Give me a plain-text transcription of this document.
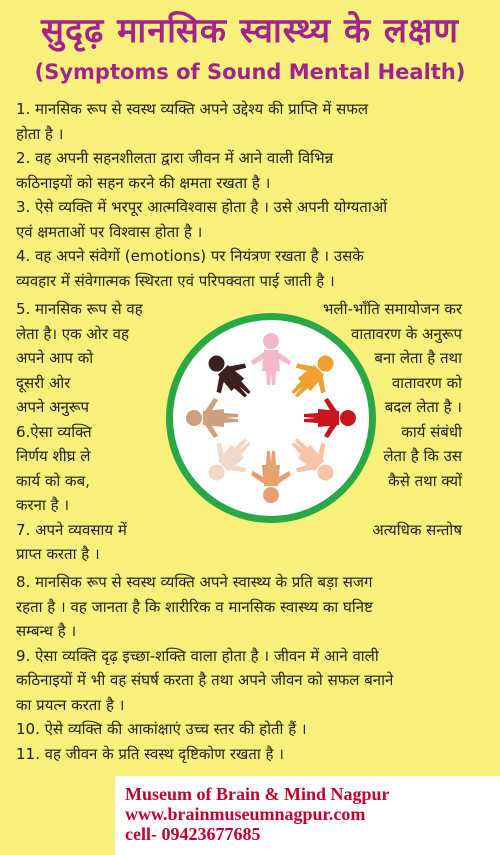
सुदृढ़ मानसिक स्वास्थ्य के लक्षण
(Symptoms of Sound Mental Health)
1. मानसिक रूप से स्वस्थ व्यक्ति अपने उद्देश्य की प्राप्ति में सफल
होता है ।
2. वह अपनी सहनशीलता द्वारा जीवन में आने वाली विभिन्न
कठिनाइयों को सहन करने की क्षमता रखता है ।
3. ऐसे व्यक्ति में भरपूर आत्मविश्वास होता है । उसे अपनी योग्यताओं
एवं क्षमताओं पर विश्वास होता है ।
4. वह अपने संवेगों (emotions) पर नियंत्रण रखता है । उसके
व्यवहार में संवेगात्मक स्थिरता एवं परिपक्वता पाई जाती है ।
5. मानसिक रूप से वह
लेता है। एक ओर वह
अपने आप को
दूसरी ओर
अपने अनुरूप
6.ऐसा व्यक्ति
निर्णय शीघ्र ले
कार्य को कब,
करना है ।
7. अपने व्यवसाय में
प्राप्त करता है ।
भली-भाँति समायोजन कर
वातावरण के अनुरूप
बना लेता है तथा
वातावरण को
बदल लेता है ।
कार्य संबंधी
लेता है कि उस
कैसे तथा क्यों
अत्यधिक सन्तोष
8. मानसिक रूप से स्वस्थ व्यक्ति अपने स्वास्थ्य के प्रति बड़ा सजग
रहता है । वह जानता है कि शारीरिक व मानसिक स्वास्थ्य का घनिष्ट
सम्बन्ध है ।
9. ऐसा व्यक्ति दृढ़ इच्छा-शक्ति वाला होता है । जीवन में आने वाली
कठिनाइयों में भी वह संघर्ष करता है तथा अपने जीवन को सफल बनाने
का प्रयत्न करता है ।
10. ऐसे व्यक्ति की आकांक्षाएं उच्च स्तर की होती हैं ।
11. वह जीवन के प्रति स्वस्थ दृष्टिकोण रखता है ।
Museum of Brain & Mind Nagpur
www.brainmuseumnagpur.com
cell- 09423677685
